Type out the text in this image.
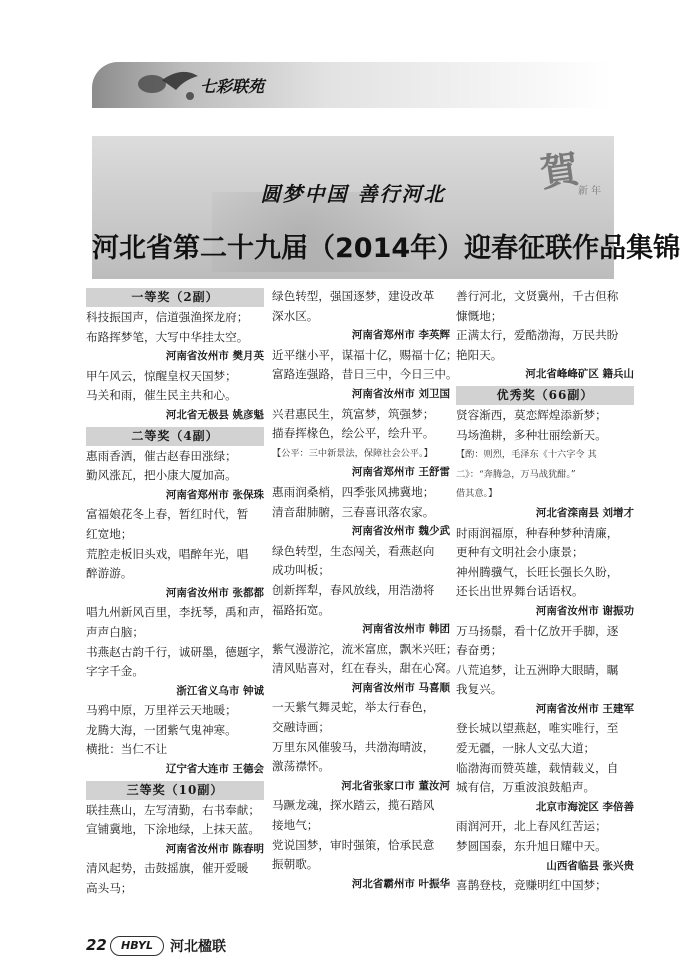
七彩联苑
賀
新 年
圆梦中国 善行河北
河北省第二十九届（2014年）迎春征联作品集锦
一等奖（2副）
科技振国声，信道强渔探龙府；
布路挥梦笔，大写中华挂太空。
河南省汝州市 樊月英
甲午风云，惊醒皇权天国梦；
马关和雨，催生民主共和心。
河北省无极县 姚彦魁
二等奖（4副）
惠雨香洒，催古赵春田涨绿；
勤风涨瓦，把小康大厦加高。
河南省郑州市 张保珠
富福娘花冬上春，暂红时代，暂
红宽地；
荒腔走板旧头戏，唱醉年光，唱
醉游游。
河南省汝州市 张都都
唱九州新风百里，李抚琴，禹和声，
声声白脑；
书燕赵古韵千行，诚研墨，德题字，
字字千金。
浙江省义乌市 钟诚
马鸦中原，万里祥云天地暖；
龙腾大海，一团紫气鬼神寒。
横批：当仁不让
辽宁省大连市 王德会
三等奖（10副）
联挂燕山，左写清勤，右书奉献；
宣铺冀地，下涂地绿，上抹天蓝。
河南省汝州市 陈春明
清风起势，击鼓摇旗，催开爱暖
高头马；
绿色转型，强国逐梦，建设改革
深水区。
河南省郑州市 李英辉
近平继小平，谋福十亿，赐福十亿；
富路连强路，昔日三中，今日三中。
河南省汝州市 刘卫国
兴君惠民生，筑富梦，筑强梦；
描春挥椽色，绘公平，绘升平。
【公平：三中新景法，保障社会公平。】
河南省郑州市 王舒雷
惠雨润桑梢，四季张风拂冀地；
清音甜肺腑，三春喜讯落农家。
河南省汝州市 魏少武
绿色转型，生态闯关，看燕赵向
成功叫板；
创新挥犁，春风放线，用浩渤将
福路拓宽。
河南省汝州市 韩团
紫气漫游沱，流米富庶，飘米兴旺；
清风贴喜对，红在春头，甜在心窝。
河南省汝州市 马喜顺
一天紫气舞灵蛇，举太行春色，
交融诗画；
万里东风催骏马，共渤海晴波，
激荡襟怀。
河北省张家口市 董汝河
马蹶龙魂，探水踏云，揽石踏风
接地气；
党说国梦，审时强策，恰承民意
振朝歌。
河北省霸州市 叶振华
善行河北，文贤冀州，千古但称
慷慨地；
正满太行，爱酷渤海，万民共盼
艳阳天。
河北省峰峰矿区 籍兵山
优秀奖（66副）
贤容渐西，莫恋辉煌添新梦；
马场渔耕，多种壮丽绘新天。
【酌：则烈，毛泽东《十六字令 其
二》：“奔腾急，万马战犹酣。”
借其意。】
河北省滦南县 刘增才
时雨润福原，种春种梦种清廉，
更种有文明社会小康景；
神州腾骥气，长旺长强长久盼，
还长出世界舞台话语权。
河南省汝州市 谢振功
万马扬鬃，看十亿放开手脚，逐
春奋勇；
八荒追梦，让五洲睁大眼睛，瞩
我复兴。
河南省汝州市 王建军
登长城以望燕赵，唯实唯行，至
爱无疆，一脉人文弘大道；
临渤海而赞英雄，载情载义，自
城有信，万重波浪鼓船声。
北京市海淀区 李倍善
雨润河开，北上春风红苦运；
梦圆国泰，东升旭日耀中天。
山西省临县 张兴贵
喜鹊登枝，竞赚明红中国梦；
22	HBYL	河北楹联
